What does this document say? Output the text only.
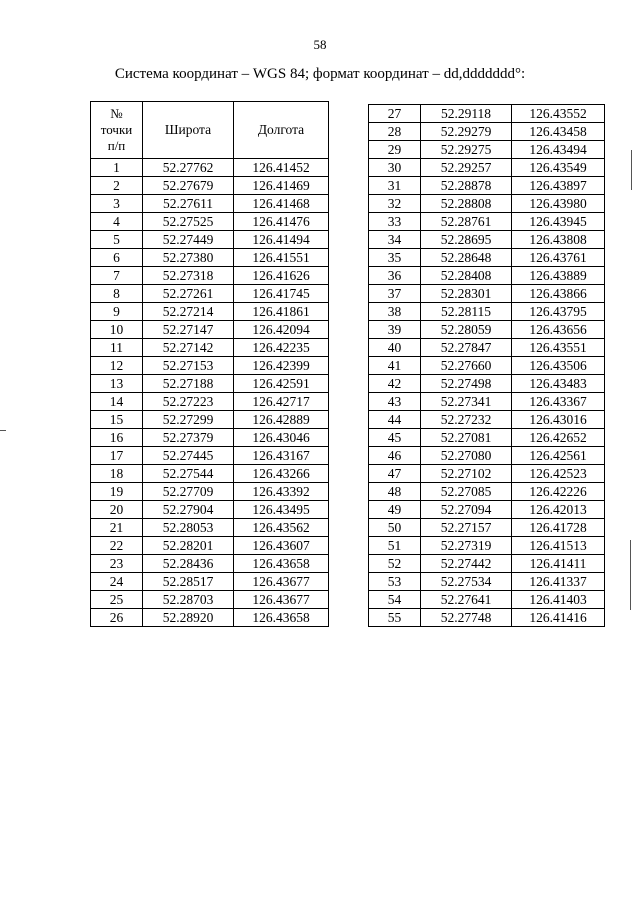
58
Система координат – WGS 84; формат координат – dd,ddddddd°:
№
точки
п/п	Широта	Долгота
1	52.27762	126.41452
2	52.27679	126.41469
3	52.27611	126.41468
4	52.27525	126.41476
5	52.27449	126.41494
6	52.27380	126.41551
7	52.27318	126.41626
8	52.27261	126.41745
9	52.27214	126.41861
10	52.27147	126.42094
11	52.27142	126.42235
12	52.27153	126.42399
13	52.27188	126.42591
14	52.27223	126.42717
15	52.27299	126.42889
16	52.27379	126.43046
17	52.27445	126.43167
18	52.27544	126.43266
19	52.27709	126.43392
20	52.27904	126.43495
21	52.28053	126.43562
22	52.28201	126.43607
23	52.28436	126.43658
24	52.28517	126.43677
25	52.28703	126.43677
26	52.28920	126.43658
27	52.29118	126.43552
28	52.29279	126.43458
29	52.29275	126.43494
30	52.29257	126.43549
31	52.28878	126.43897
32	52.28808	126.43980
33	52.28761	126.43945
34	52.28695	126.43808
35	52.28648	126.43761
36	52.28408	126.43889
37	52.28301	126.43866
38	52.28115	126.43795
39	52.28059	126.43656
40	52.27847	126.43551
41	52.27660	126.43506
42	52.27498	126.43483
43	52.27341	126.43367
44	52.27232	126.43016
45	52.27081	126.42652
46	52.27080	126.42561
47	52.27102	126.42523
48	52.27085	126.42226
49	52.27094	126.42013
50	52.27157	126.41728
51	52.27319	126.41513
52	52.27442	126.41411
53	52.27534	126.41337
54	52.27641	126.41403
55	52.27748	126.41416
